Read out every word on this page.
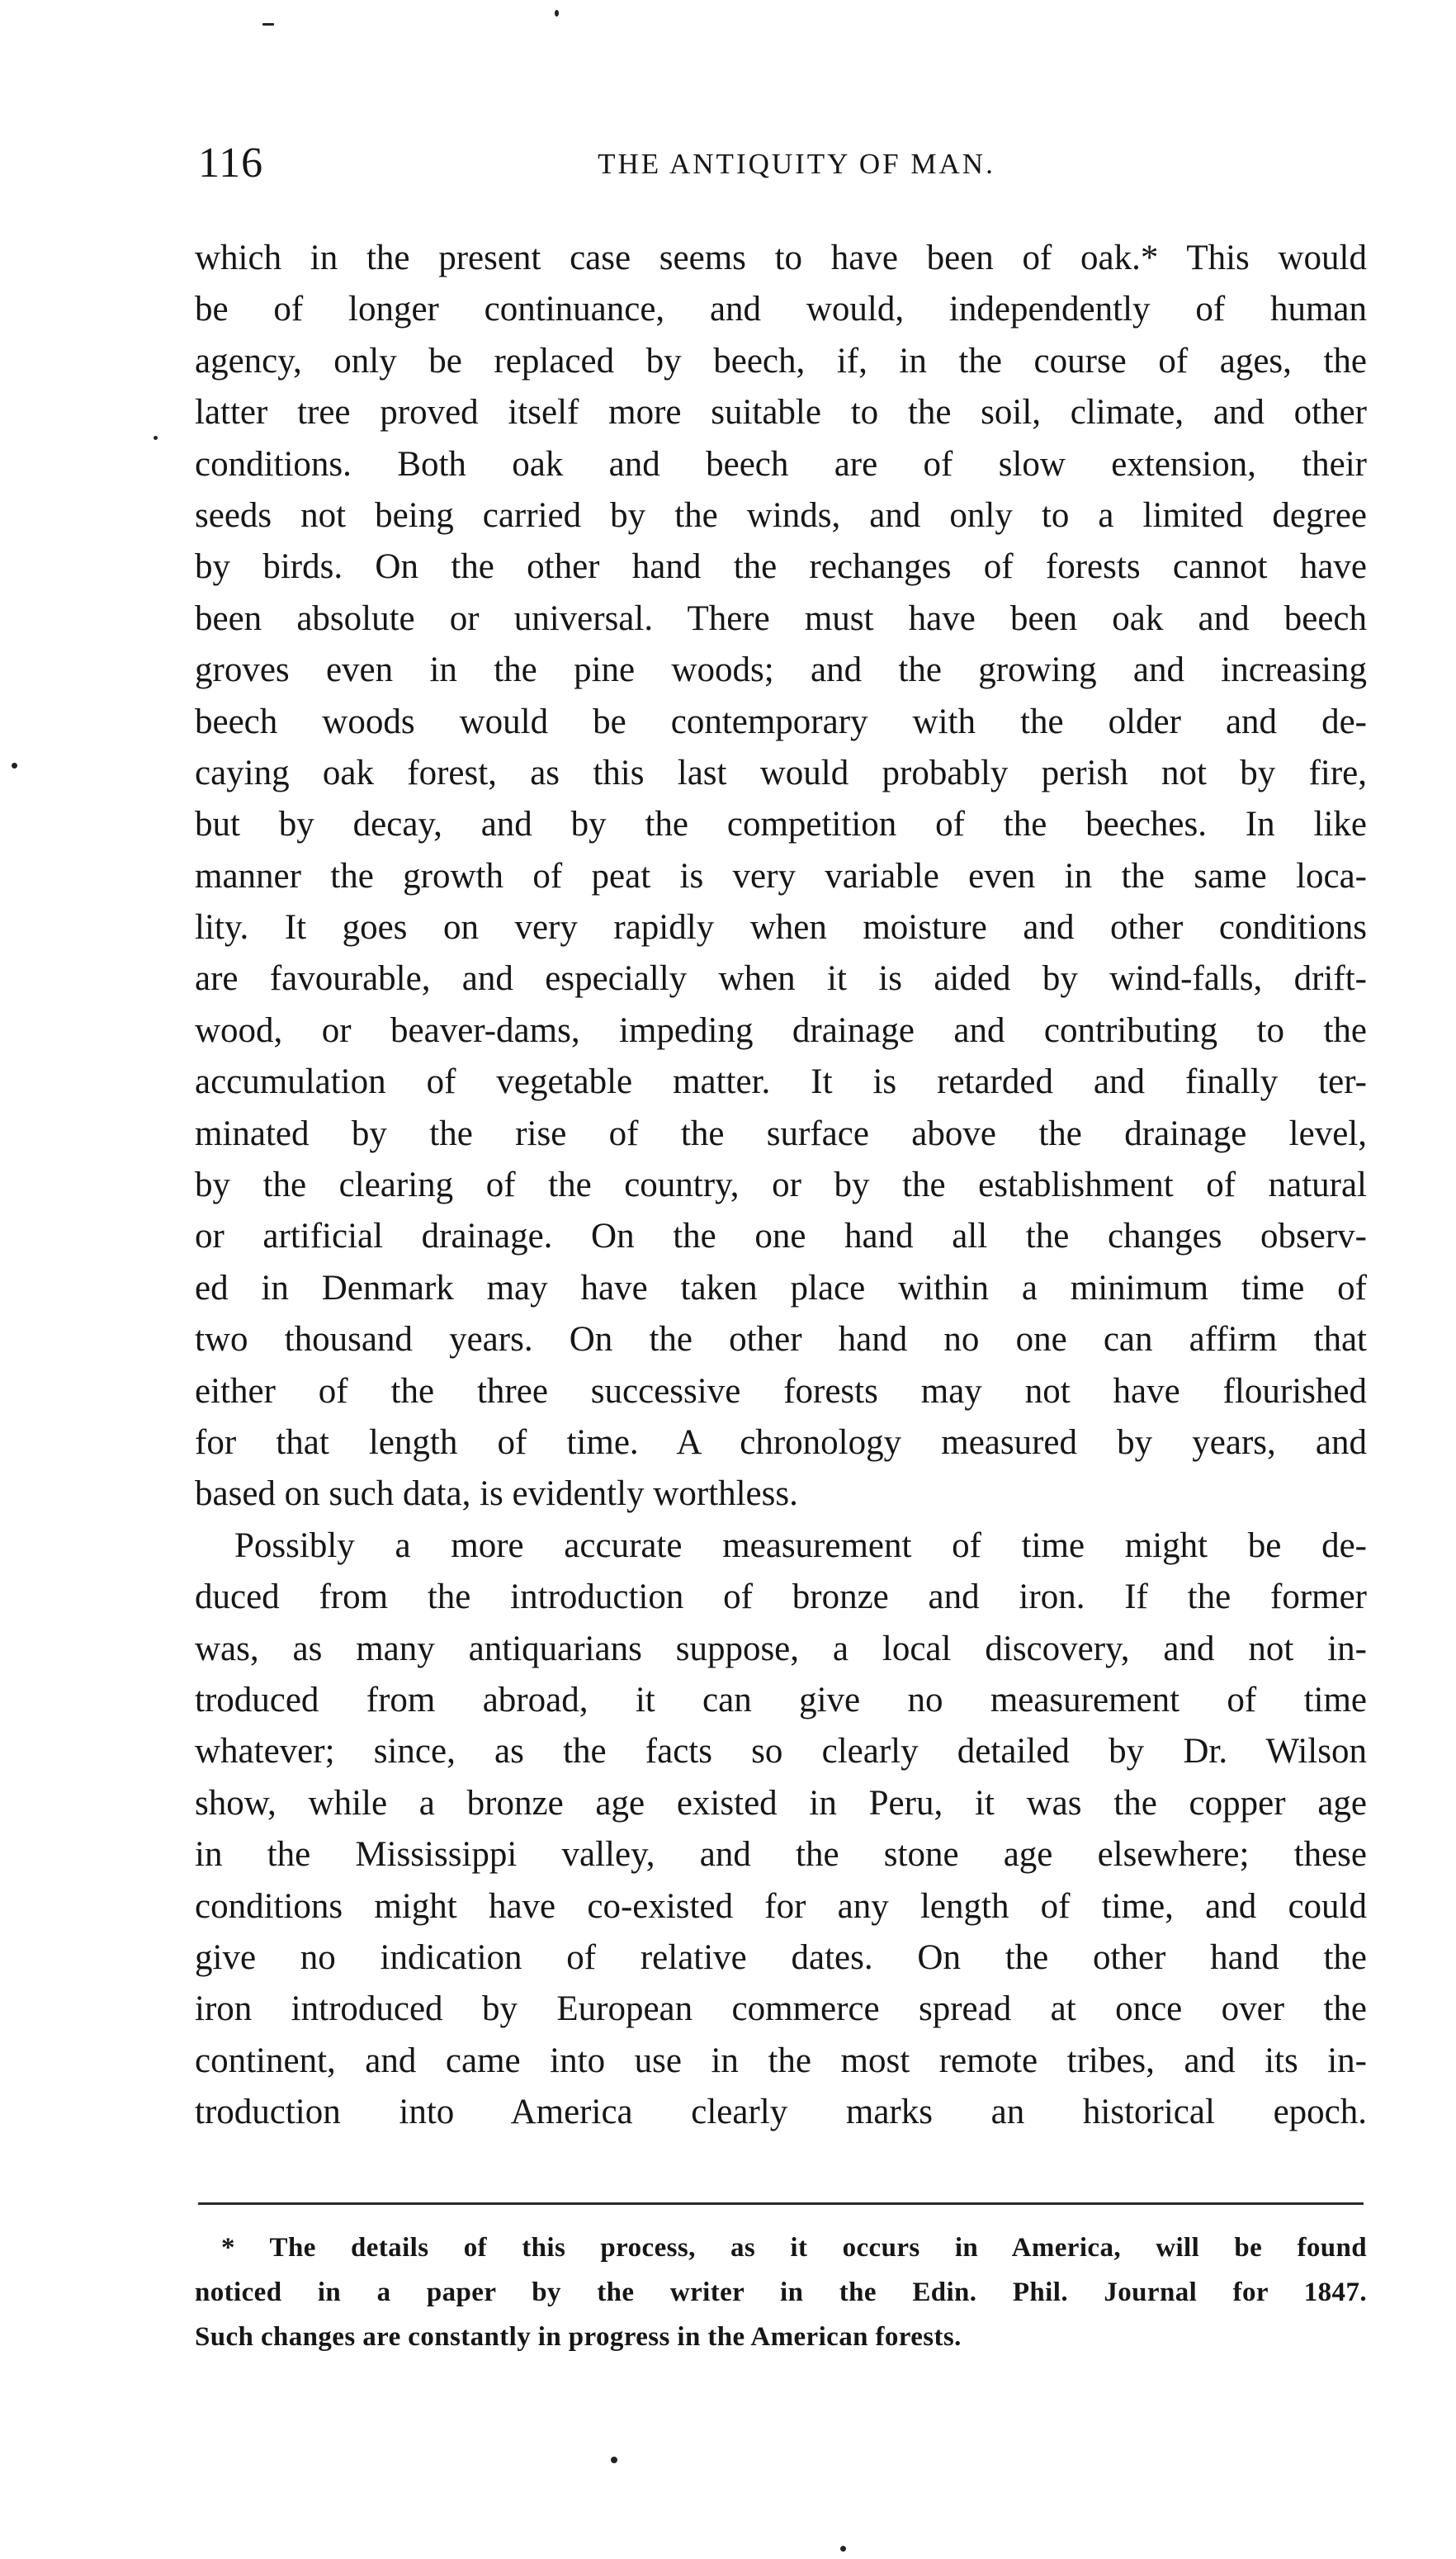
116	THE ANTIQUITY OF MAN.
which in the present case seems to have been of oak.* This would
be of longer continuance, and would, independently of human
agency, only be replaced by beech, if, in the course of ages, the
latter tree proved itself more suitable to the soil, climate, and other
conditions. Both oak and beech are of slow extension, their
seeds not being carried by the winds, and only to a limited degree
by birds. On the other hand the rechanges of forests cannot have
been absolute or universal. There must have been oak and beech
groves even in the pine woods; and the growing and increasing
beech woods would be contemporary with the older and de-
caying oak forest, as this last would probably perish not by fire,
but by decay, and by the competition of the beeches. In like
manner the growth of peat is very variable even in the same loca-
lity. It goes on very rapidly when moisture and other conditions
are favourable, and especially when it is aided by wind-falls, drift-
wood, or beaver-dams, impeding drainage and contributing to the
accumulation of vegetable matter. It is retarded and finally ter-
minated by the rise of the surface above the drainage level,
by the clearing of the country, or by the establishment of natural
or artificial drainage. On the one hand all the changes observ-
ed in Denmark may have taken place within a minimum time of
two thousand years. On the other hand no one can affirm that
either of the three successive forests may not have flourished
for that length of time. A chronology measured by years, and
based on such data, is evidently worthless.
Possibly a more accurate measurement of time might be de-
duced from the introduction of bronze and iron. If the former
was, as many antiquarians suppose, a local discovery, and not in-
troduced from abroad, it can give no measurement of time
whatever; since, as the facts so clearly detailed by Dr. Wilson
show, while a bronze age existed in Peru, it was the copper age
in the Mississippi valley, and the stone age elsewhere; these
conditions might have co-existed for any length of time, and could
give no indication of relative dates. On the other hand the
iron introduced by European commerce spread at once over the
continent, and came into use in the most remote tribes, and its in-
troduction into America clearly marks an historical epoch.
* The details of this process, as it occurs in America, will be found
noticed in a paper by the writer in the Edin. Phil. Journal for 1847.
Such changes are constantly in progress in the American forests.
